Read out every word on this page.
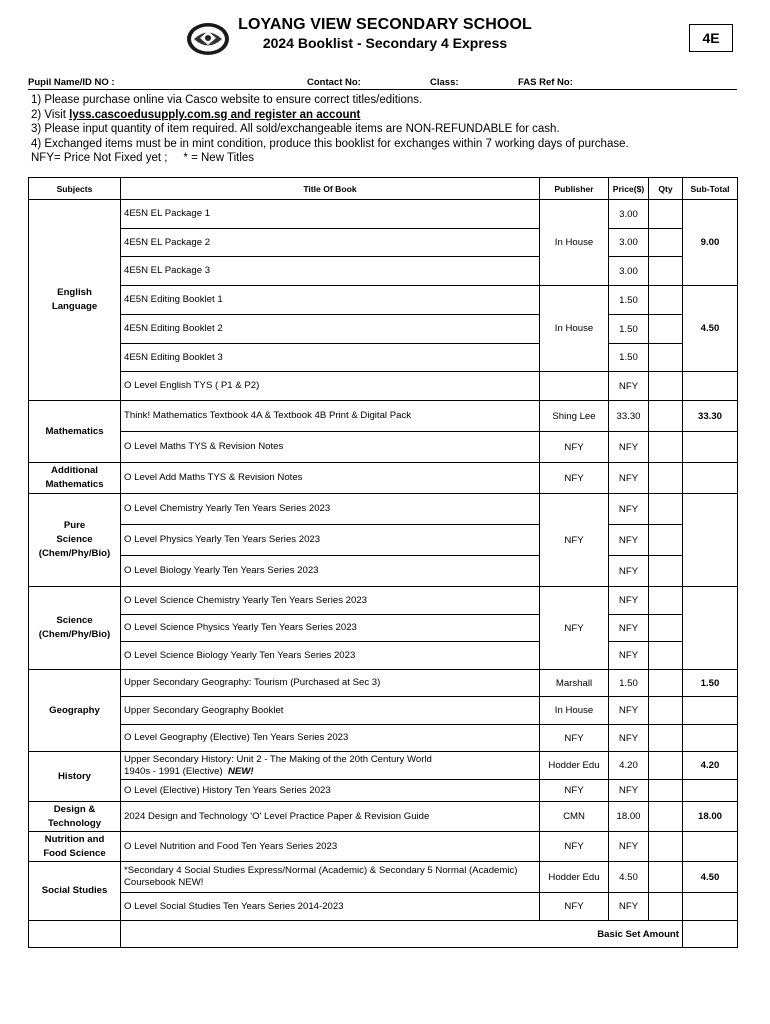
LOYANG VIEW SECONDARY SCHOOL
2024 Booklist - Secondary 4 Express	4E
Pupil Name/ID NO :	Contact No:	Class:	FAS Ref No:
1) Please purchase online via Casco website to ensure correct titles/editions.
2) Visit lyss.cascoedusupply.com.sg and register an account
3) Please input quantity of item required. All sold/exchangeable items are NON-REFUNDABLE for cash.
4) Exchanged items must be in mint condition, produce this booklist for exchanges within 7 working days of purchase.
NFY= Price Not Fixed yet ;     * = New Titles
Subjects	Title Of Book	Publisher	Price($)	Qty	Sub-Total
English
Language	4E5N EL Package 1	In House	3.00		9.00
	4E5N EL Package 2		3.00		
	4E5N EL Package 3		3.00		
	4E5N Editing Booklet 1	In House	1.50		4.50
	4E5N Editing Booklet 2		1.50		
	4E5N Editing Booklet 3		1.50		
	O Level English TYS ( P1 & P2)		NFY		
Mathematics	Think! Mathematics Textbook 4A & Textbook 4B Print & Digital Pack	Shing Lee	33.30		33.30
	O Level Maths TYS & Revision Notes	NFY	NFY		
Additional
Mathematics	O Level Add Maths TYS & Revision Notes	NFY	NFY		
Pure
Science
(Chem/Phy/Bio)	O Level Chemistry Yearly Ten Years Series 2023	NFY	NFY		
	O Level Physics Yearly Ten Years Series 2023		NFY		
	O Level Biology Yearly Ten Years Series 2023		NFY		
Science
(Chem/Phy/Bio)	O Level Science Chemistry Yearly Ten Years Series 2023	NFY	NFY		
	O Level Science Physics Yearly Ten Years Series 2023		NFY		
	O Level Science Biology Yearly Ten Years Series 2023		NFY		
Geography	Upper Secondary Geography: Tourism (Purchased at Sec 3)	Marshall	1.50		1.50
	Upper Secondary Geography Booklet	In House	NFY		
	O Level Geography (Elective) Ten Years Series 2023	NFY	NFY		
History	Upper Secondary History: Unit 2 - The Making of the 20th Century World
1940s - 1991 (Elective) NEW!	Hodder Edu	4.20		4.20
	O Level (Elective) History Ten Years Series 2023	NFY	NFY		
Design &
Technology	2024 Design and Technology 'O' Level Practice Paper & Revision Guide	CMN	18.00		18.00
Nutrition and
Food Science	O Level Nutrition and Food Ten Years Series 2023	NFY	NFY		
Social Studies	*Secondary 4 Social Studies Express/Normal (Academic) & Secondary 5 Normal (Academic) Coursebook NEW!	Hodder Edu	4.50		4.50
	O Level Social Studies Ten Years Series 2014-2023	NFY	NFY		
	Basic Set Amount				
